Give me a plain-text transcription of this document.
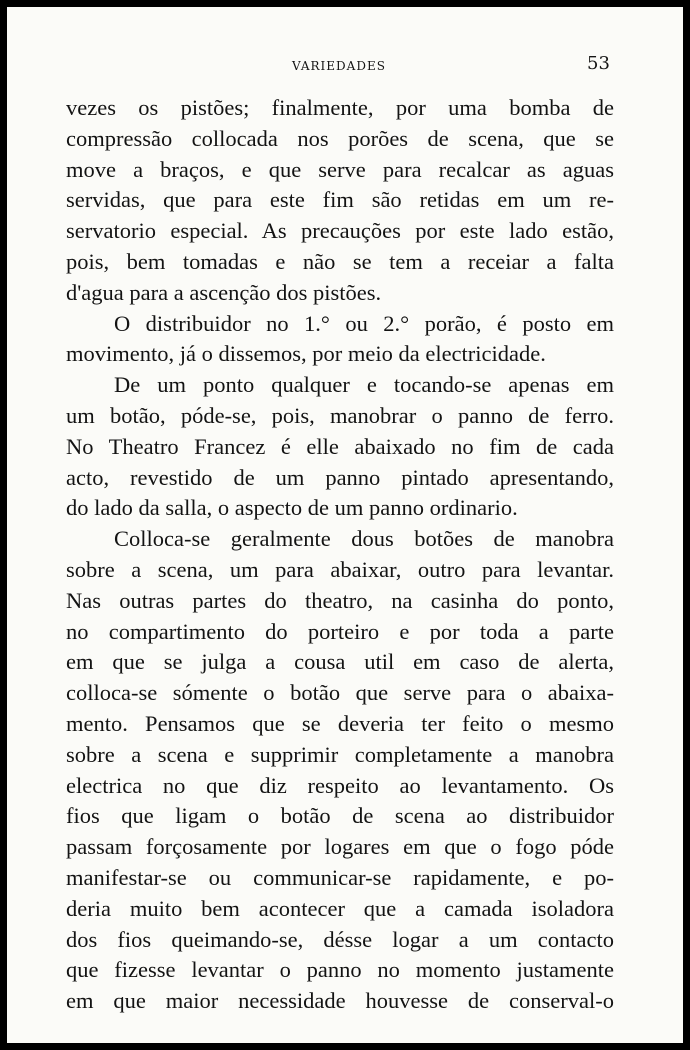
VARIEDADES	53
vezes os pistões; finalmente, por uma bomba de
compressão collocada nos porões de scena, que se
move a braços, e que serve para recalcar as aguas
servidas, que para este fim são retidas em um re-
servatorio especial. As precauções por este lado estão,
pois, bem tomadas e não se tem a receiar a falta
d'agua para a ascenção dos pistões.
O distribuidor no 1.° ou 2.° porão, é posto em
movimento, já o dissemos, por meio da electricidade.
De um ponto qualquer e tocando-se apenas em
um botão, póde-se, pois, manobrar o panno de ferro.
No Theatro Francez é elle abaixado no fim de cada
acto, revestido de um panno pintado apresentando,
do lado da salla, o aspecto de um panno ordinario.
Colloca-se geralmente dous botões de manobra
sobre a scena, um para abaixar, outro para levantar.
Nas outras partes do theatro, na casinha do ponto,
no compartimento do porteiro e por toda a parte
em que se julga a cousa util em caso de alerta,
colloca-se sómente o botão que serve para o abaixa-
mento. Pensamos que se deveria ter feito o mesmo
sobre a scena e supprimir completamente a manobra
electrica no que diz respeito ao levantamento. Os
fios que ligam o botão de scena ao distribuidor
passam forçosamente por logares em que o fogo póde
manifestar-se ou communicar-se rapidamente, e po-
deria muito bem acontecer que a camada isoladora
dos fios queimando-se, désse logar a um contacto
que fizesse levantar o panno no momento justamente
em que maior necessidade houvesse de conserval-o
